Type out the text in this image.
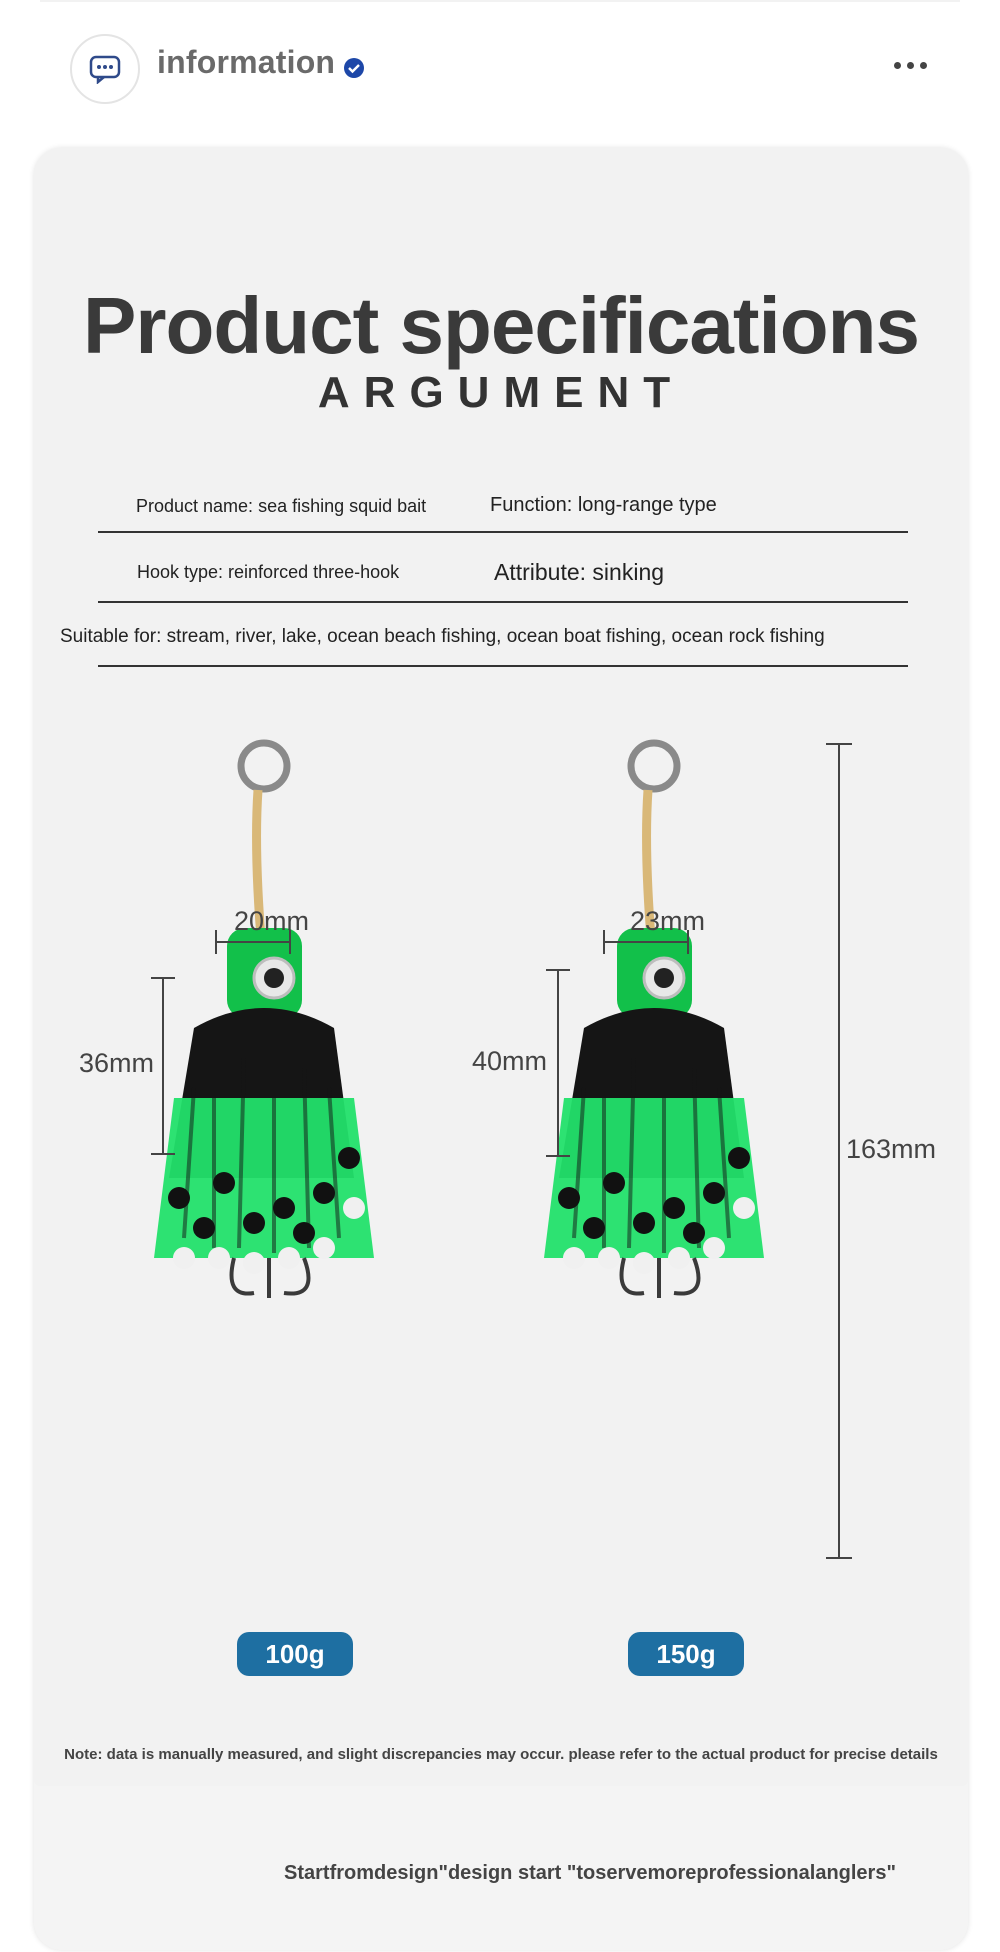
information
Product specifications
ARGUMENT
Product name: sea fishing squid bait	Function: long-range type
Hook type: reinforced three-hook	Attribute: sinking
Suitable for: stream, river, lake, ocean beach fishing, ocean boat fishing, ocean rock fishing
20mm
36mm
100g
23mm
40mm
150g
163mm
Note: data is manually measured, and slight discrepancies may occur. please refer to the actual product for precise details
Startfromdesign"design start "toservemoreprofessionalanglers"
